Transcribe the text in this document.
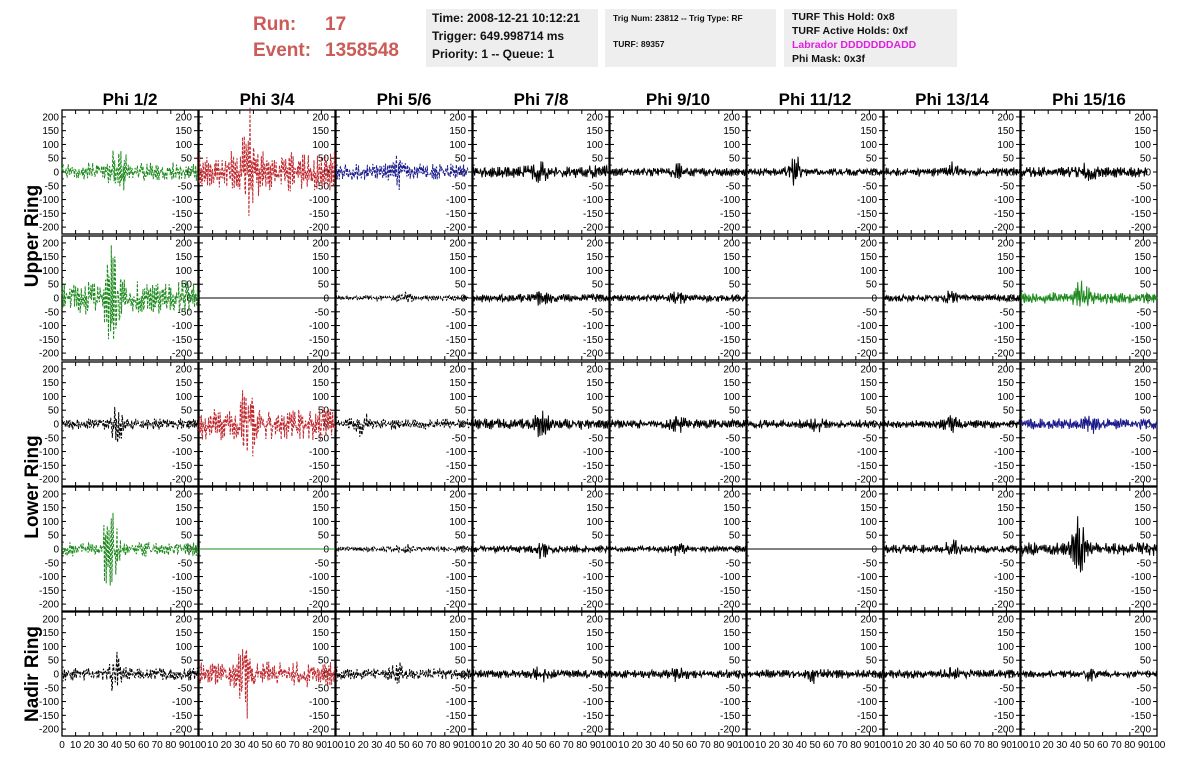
Run: 17
Event: 1358548
Time: 2008-12-21 10:12:21
Trigger: 649.998714 ms
Priority: 1 -- Queue: 1
Trig Num: 23812 -- Trig Type: RF
TURF: 89357
TURF This Hold: 0x8
TURF Active Holds: 0xf
Labrador DDDDDDDADD
Phi Mask: 0x3f
Phi 1/2	Phi 3/4	Phi 5/6	Phi 7/8	Phi 9/10	Phi 11/12	Phi 13/14	Phi 15/16
Upper Ring
Lower Ring
Nadir Ring
-200	-200
-150	-150
-100	-100
-50	-50
0	0
50	50
100	100
150	150
200	200
-200
-150
-100
-50
0
50
100
150
200
-200
-150
-100
-50
0
50
100
150
200
-200
-150
-100
-50
0
50
100
150
200
-200
-150
-100
-50
0
50
100
150
200
-200
-150
-100
-50
0
50
100
150
200
-200
-150
-100
-50
0
50
100
150
200
-200
-150
-100
-50
0
50
100
150
200
-200	-200
-150	-150
-100	-100
-50	-50
0	0
50	50
100	100
150	150
200	200
-200
-150
-100
-50
0
50
100
150
200
-200
-150
-100
-50
0
50
100
150
200
-200
-150
-100
-50
0
50
100
150
200
-200
-150
-100
-50
0
50
100
150
200
-200
-150
-100
-50
0
50
100
150
200
-200
-150
-100
-50
0
50
100
150
200
-200
-150
-100
-50
0
50
100
150
200
-200	-200
-150	-150
-100	-100
-50	-50
0	0
50	50
100	100
150	150
200	200
-200
-150
-100
-50
0
50
100
150
200
-200
-150
-100
-50
0
50
100
150
200
-200
-150
-100
-50
0
50
100
150
200
-200
-150
-100
-50
0
50
100
150
200
-200
-150
-100
-50
0
50
100
150
200
-200
-150
-100
-50
0
50
100
150
200
-200
-150
-100
-50
0
50
100
150
200
-200	-200
-150	-150
-100	-100
-50	-50
0	0
50	50
100	100
150	150
200	200
-200
-150
-100
-50
0
50
100
150
200
-200
-150
-100
-50
0
50
100
150
200
-200
-150
-100
-50
0
50
100
150
200
-200
-150
-100
-50
0
50
100
150
200
-200
-150
-100
-50
0
50
100
150
200
-200
-150
-100
-50
0
50
100
150
200
-200
-150
-100
-50
0
50
100
150
200
-200	-200
-150	-150
-100	-100
-50	-50
0	0
50	50
100	100
150	150
200	200
-200
-150
-100
-50
0
50
100
150
200
-200
-150
-100
-50
0
50
100
150
200
-200
-150
-100
-50
0
50
100
150
200
-200
-150
-100
-50
0
50
100
150
200
-200
-150
-100
-50
0
50
100
150
200
-200
-150
-100
-50
0
50
100
150
200
-200
-150
-100
-50
0
50
100
150
200
0 10 20 30 40 50 60 70 80 90 100 10 20 30 40 50 60 70 80 90 100 10 20 30 40 50 60 70 80 90 100 10 20 30 40 50 60 70 80 90 100 10 20 30 40 50 60 70 80 90 100 10 20 30 40 50 60 70 80 90 100 10 20 30 40 50 60 70 80 90 100 10 20 30 40 50 60 70 80 90 100
